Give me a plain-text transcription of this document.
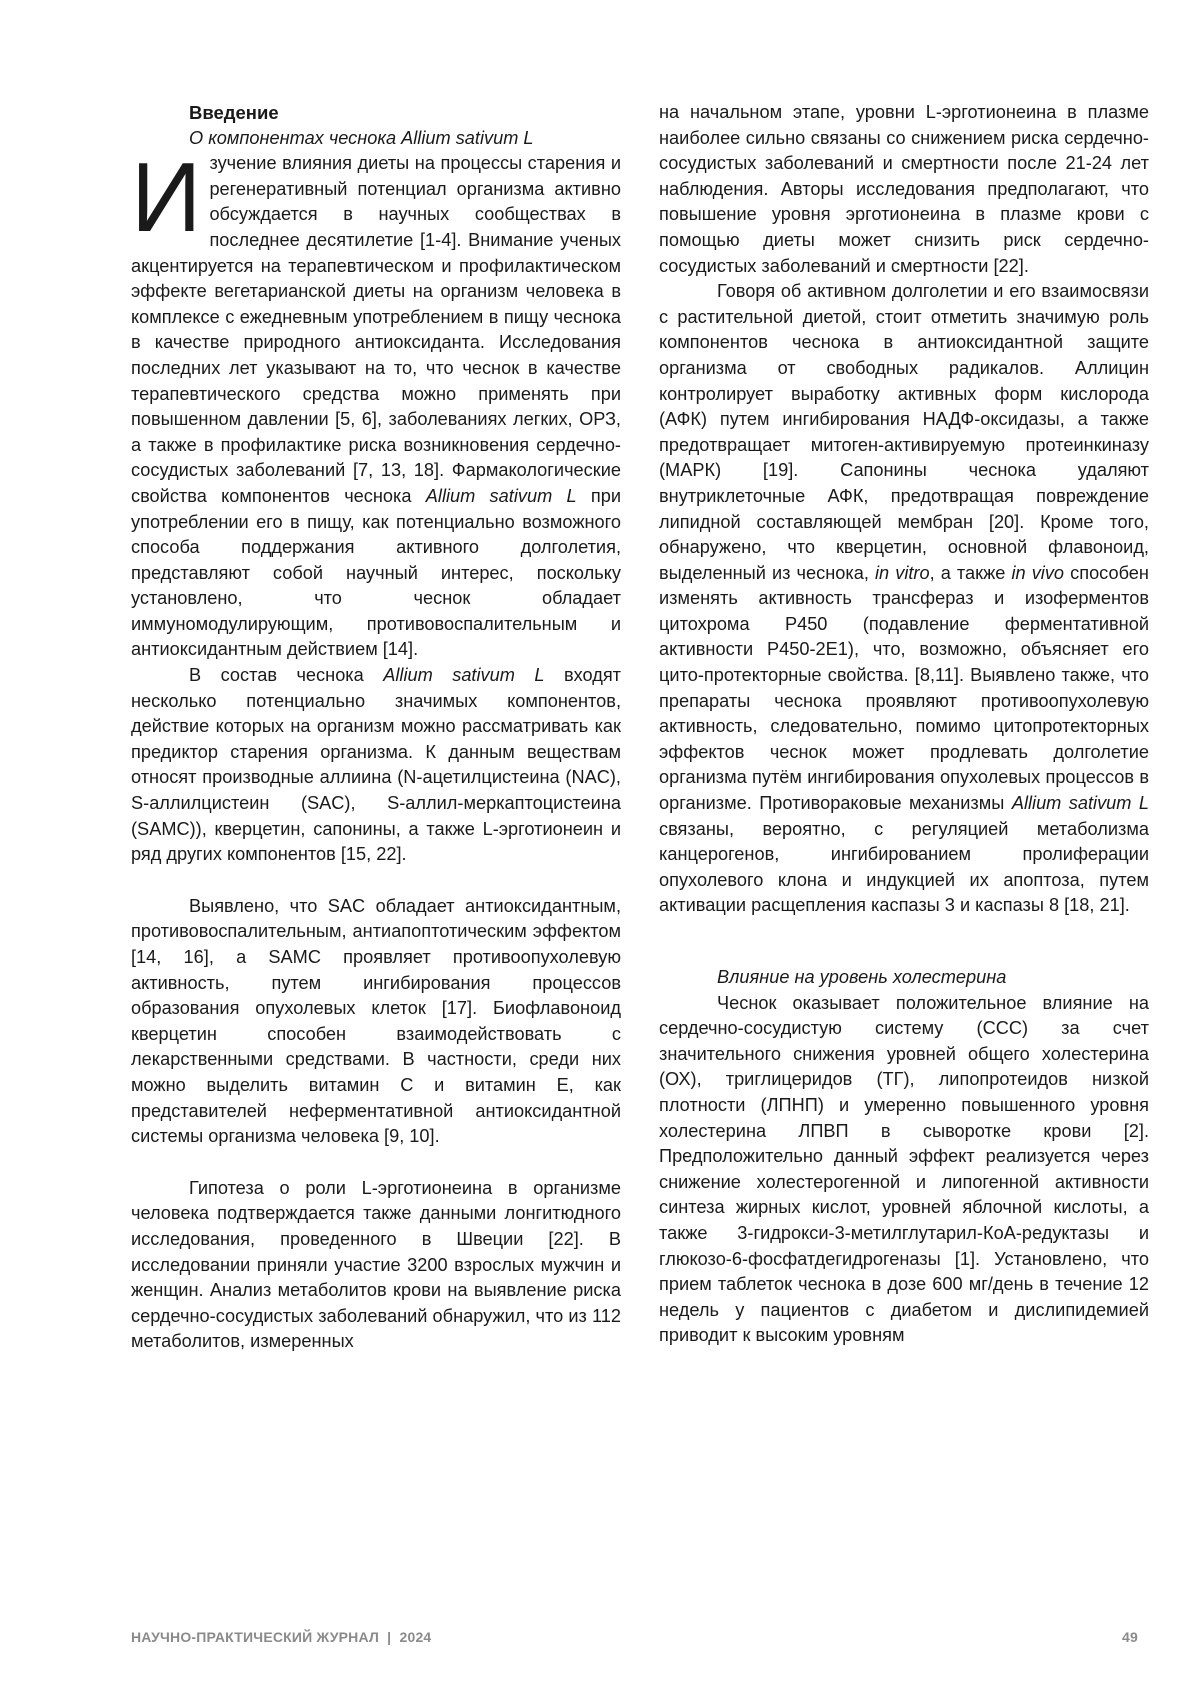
Введение

О компонентах чеснока Allium sativum L

Изучение влияния диеты на процессы старения и регенеративный потенциал организма активно обсуждается в научных сообществах в последнее десятилетие [1-4]. Внимание ученых акцентируется на терапевтическом и профилактическом эффекте вегетарианской диеты на организм человека в комплексе с ежедневным употреблением в пищу чеснока в качестве природного антиоксиданта. Исследования последних лет указывают на то, что чеснок в качестве терапевтического средства можно применять при повышенном давлении [5, 6], заболеваниях легких, ОРЗ, а также в профилактике риска возникновения сердечно-сосудистых заболеваний [7, 13, 18]. Фармакологические свойства компонентов чеснока Allium sativum L при употреблении его в пищу, как потенциально возможного способа поддержания активного долголетия, представляют собой научный интерес, поскольку установлено, что чеснок обладает иммуномодулирующим, противовоспалительным и антиоксидантным действием [14].

В состав чеснока Allium sativum L входят несколько потенциально значимых компонентов, действие которых на организм можно рассматривать как предиктор старения организма. К данным веществам относят производные аллиина (N-ацетилцистеина (NAC), S-аллилцистеин (SAC), S-аллил-меркаптоцистеина (SAMC)), кверцетин, сапонины, а также L-эрготионеин и ряд других компонентов [15, 22].

Выявлено, что SAC обладает антиоксидантным, противовоспалительным, антиапоптотическим эффектом [14, 16], а SAMC проявляет противоопухолевую активность, путем ингибирования процессов образования опухолевых клеток [17]. Биофлавоноид кверцетин способен взаимодействовать с лекарственными средствами. В частности, среди них можно выделить витамин С и витамин Е, как представителей неферментативной антиоксидантной системы организма человека [9, 10].

Гипотеза о роли L-эрготионеина в организме человека подтверждается также данными лонгитюдного исследования, проведенного в Швеции [22]. В исследовании приняли участие 3200 взрослых мужчин и женщин. Анализ метаболитов крови на выявление риска сердечно-сосудистых заболеваний обнаружил, что из 112 метаболитов, измеренных

на начальном этапе, уровни L-эрготионеина в плазме наиболее сильно связаны со снижением риска сердечно-сосудистых заболеваний и смертности после 21-24 лет наблюдения. Авторы исследования предполагают, что повышение уровня эрготионеина в плазме крови с помощью диеты может снизить риск сердечно-сосудистых заболеваний и смертности [22].

Говоря об активном долголетии и его взаимосвязи с растительной диетой, стоит отметить значимую роль компонентов чеснока в антиоксидантной защите организма от свободных радикалов. Аллицин контролирует выработку активных форм кислорода (АФК) путем ингибирования НАДФ-оксидазы, а также предотвращает митоген-активируемую протеинкиназу (МАРК) [19]. Сапонины чеснока удаляют внутриклеточные АФК, предотвращая повреждение липидной составляющей мембран [20]. Кроме того, обнаружено, что кверцетин, основной флавоноид, выделенный из чеснока, in vitro, а также in vivo способен изменять активность трансфераз и изоферментов цитохрома P450 (подавление ферментативной активности P450-2E1), что, возможно, объясняет его цито-протекторные свойства. [8,11]. Выявлено также, что препараты чеснока проявляют противоопухолевую активность, следовательно, помимо цитопротекторных эффектов чеснок может продлевать долголетие организма путём ингибирования опухолевых процессов в организме. Противораковые механизмы Allium sativum L связаны, вероятно, с регуляцией метаболизма канцерогенов, ингибированием пролиферации опухолевого клона и индукцией их апоптоза, путем активации расщепления каспазы 3 и каспазы 8 [18, 21].

Влияние на уровень холестерина

Чеснок оказывает положительное влияние на сердечно-сосудистую систему (ССС) за счет значительного снижения уровней общего холестерина (ОХ), триглицеридов (ТГ), липопротеидов низкой плотности (ЛПНП) и умеренно повышенного уровня холестерина ЛПВП в сыворотке крови [2]. Предположительно данный эффект реализуется через снижение холестерогенной и липогенной активности синтеза жирных кислот, уровней яблочной кислоты, а также 3-гидрокси-3-метилглутарил-КоА-редуктазы и глюкозо-6-фосфатдегидрогеназы [1]. Установлено, что прием таблеток чеснока в дозе 600 мг/день в течение 12 недель у пациентов с диабетом и дислипидемией приводит к высоким уровням

НАУЧНО-ПРАКТИЧЕСКИЙ ЖУРНАЛ  |  2024	49
